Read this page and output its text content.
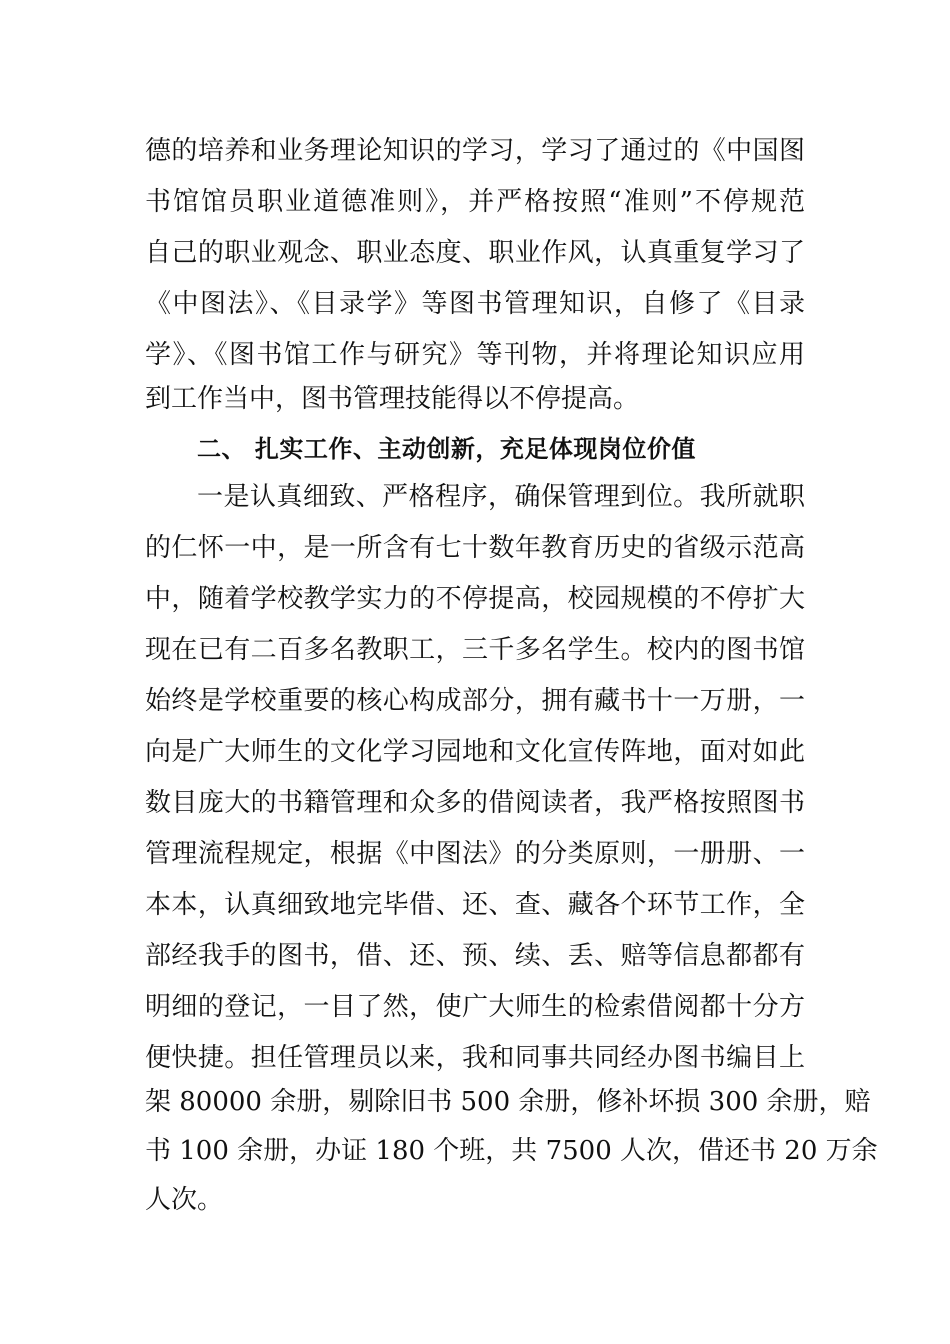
德的培养和业务理论知识的学习，学习了通过的《中国图
书馆馆员职业道德准则》，并严格按照“准则”不停规范
自己的职业观念、职业态度、职业作风，认真重复学习了
《中图法》、《目录学》等图书管理知识，自修了《目录
学》、《图书馆工作与研究》等刊物，并将理论知识应用
到工作当中，图书管理技能得以不停提高。
二、 扎实工作、主动创新，充足体现岗位价值
一是认真细致、严格程序，确保管理到位。我所就职
的仁怀一中，是一所含有七十数年教育历史的省级示范高
中，随着学校教学实力的不停提高，校园规模的不停扩大
现在已有二百多名教职工，三千多名学生。校内的图书馆
始终是学校重要的核心构成部分，拥有藏书十一万册，一
向是广大师生的文化学习园地和文化宣传阵地，面对如此
数目庞大的书籍管理和众多的借阅读者，我严格按照图书
管理流程规定，根据《中图法》的分类原则，一册册、一
本本，认真细致地完毕借、还、查、藏各个环节工作，全
部经我手的图书，借、还、预、续、丢、赔等信息都都有
明细的登记，一目了然，使广大师生的检索借阅都十分方
便快捷。担任管理员以来，我和同事共同经办图书编目上
架 80000 余册，剔除旧书 500 余册，修补坏损 300 余册，赔
书 100 余册，办证 180 个班，共 7500 人次，借还书 20 万余
人次。
